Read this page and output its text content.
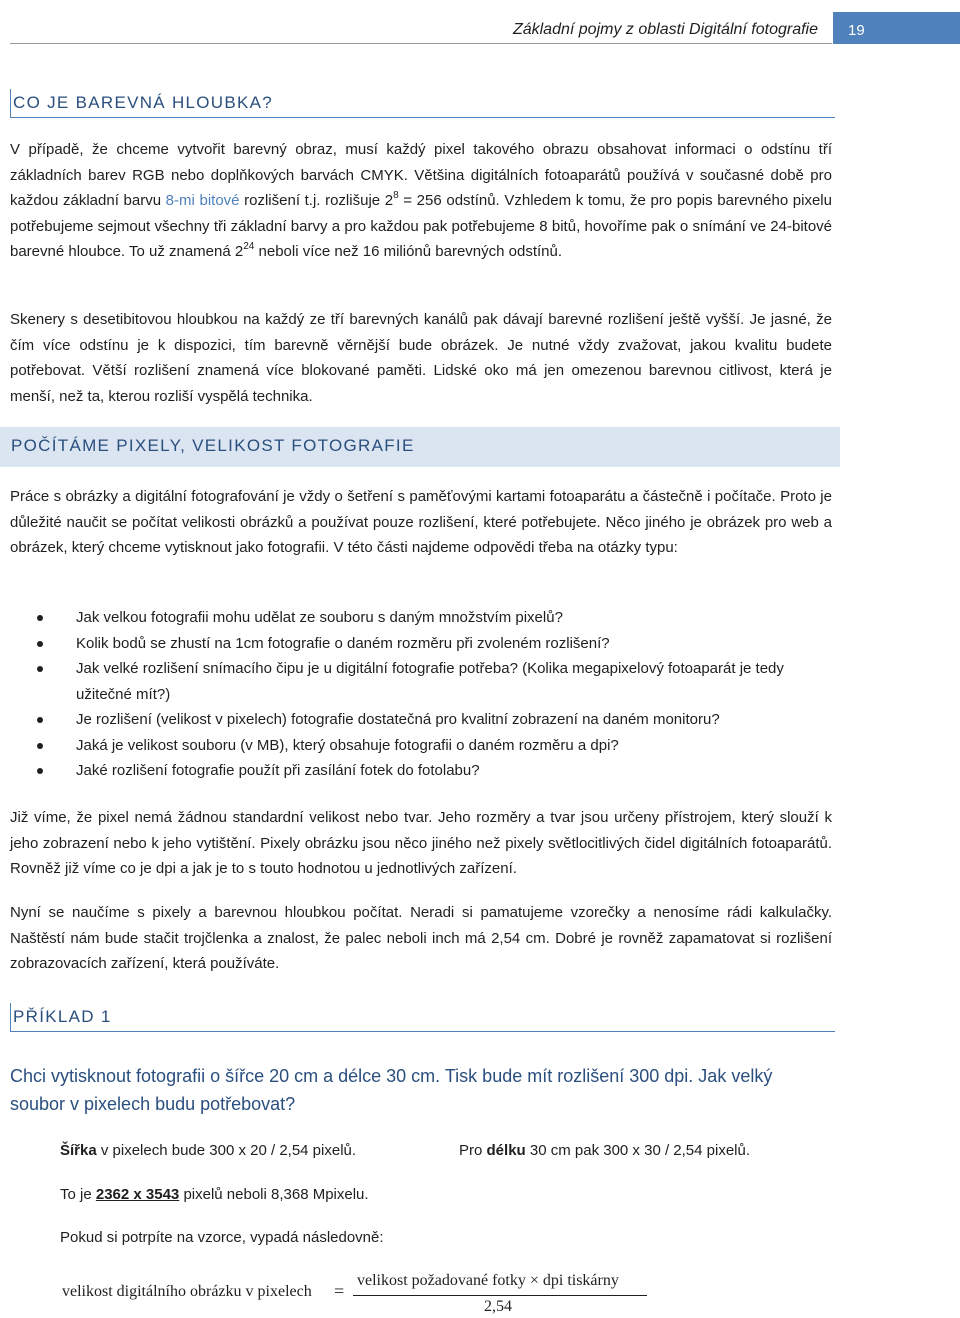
Základní pojmy z oblasti Digitální fotografie 19
CO JE BAREVNÁ HLOUBKA?

V případě, že chceme vytvořit barevný obraz, musí každý pixel takového obrazu obsahovat informaci o odstínu tří základních barev RGB nebo doplňkových barvách CMYK. Většina digitálních fotoaparátů používá v současné době pro každou základní barvu 8-mi bitové rozlišení t.j. rozlišuje $2^8 = 256$ odstínů. Vzhledem k tomu, že pro popis barevného pixelu potřebujeme sejmout všechny tři základní barvy a pro každou pak potřebujeme 8 bitů, hovoříme pak o snímání ve 24-bitové barevné hloubce. To už znamená $2^{24}$ neboli více než 16 miliónů barevných odstínů.

Skenery s desetibitovou hloubkou na každý ze tří barevných kanálů pak dávají barevné rozlišení ještě vyšší. Je jasné, že čím více odstínu je k dispozici, tím barevně věrnější bude obrázek. Je nutné vždy zvažovat, jakou kvalitu budete potřebovat. Větší rozlišení znamená více blokované paměti. Lidské oko má jen omezenou barevnou citlivost, která je menší, než ta, kterou rozliší vyspělá technika.

POČÍTÁME PIXELY, VELIKOST FOTOGRAFIE

Práce s obrázky a digitální fotografování je vždy o šetření s paměťovými kartami fotoaparátu a částečně i počítače. Proto je důležité naučit se počítat velikosti obrázků a používat pouze rozlišení, které potřebujete. Něco jiného je obrázek pro web a obrázek, který chceme vytisknout jako fotografii. V této části najdeme odpovědi třeba na otázky typu:

Jak velkou fotografii mohu udělat ze souboru s daným množstvím pixelů?
Kolik bodů se zhustí na 1cm fotografie o daném rozměru při zvoleném rozlišení?
Jak velké rozlišení snímacího čipu je u digitální fotografie potřeba? (Kolika megapixelový fotoaparát je tedy užitečné mít?)
Je rozlišení (velikost v pixelech) fotografie dostatečná pro kvalitní zobrazení na daném monitoru?
Jaká je velikost souboru (v MB), který obsahuje fotografii o daném rozměru a dpi?
Jaké rozlišení fotografie použít při zasílání fotek do fotolabu?

Již víme, že pixel nemá žádnou standardní velikost nebo tvar. Jeho rozměry a tvar jsou určeny přístrojem, který slouží k jeho zobrazení nebo k jeho vytištění. Pixely obrázku jsou něco jiného než pixely světlocitlivých čidel digitálních fotoaparátů. Rovněž již víme co je dpi a jak je to s touto hodnotou u jednotlivých zařízení.

Nyní se naučíme s pixely a barevnou hloubkou počítat. Neradi si pamatujeme vzorečky a nenosíme rádi kalkulačky. Naštěstí nám bude stačit trojčlenka a znalost, že palec neboli inch má 2,54 cm. Dobré je rovněž zapamatovat si rozlišení zobrazovacích zařízení, která používáte.

PŘÍKLAD 1

Chci vytisknout fotografii o šířce 20 cm a délce 30 cm. Tisk bude mít rozlišení 300 dpi. Jak velký soubor v pixelech budu potřebovat?

Šířka v pixelech bude 300 x 20 / 2,54 pixelů.	Pro délku 30 cm pak 300 x 30 / 2,54 pixelů.
To je 2362 x 3543 pixelů neboli 8,368 Mpixelu.
Pokud si potrpíte na vzorce, vypadá následovně:
velikost digitálního obrázku v pixelech =
velikost požadované fotky × dpi tiskárny
2,54
